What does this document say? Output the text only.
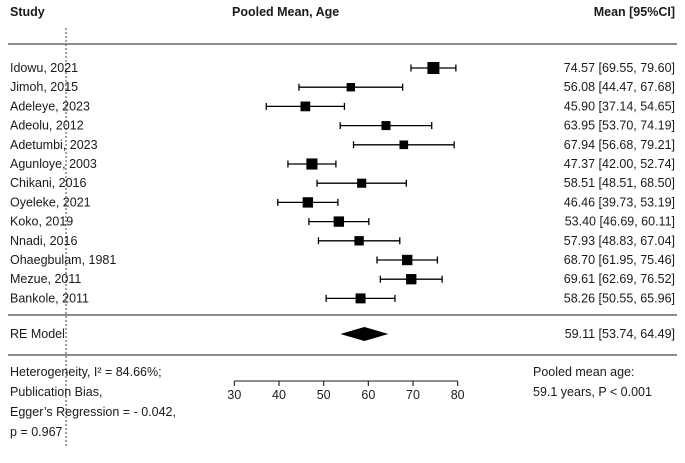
Study	Pooled Mean, Age	Mean [95%CI]
Idowu, 2021	74.57 [69.55, 79.60]
Jimoh, 2015	56.08 [44.47, 67.68]
Adeleye, 2023	45.90 [37.14, 54.65]
Adeolu, 2012	63.95 [53.70, 74.19]
Adetumbi, 2023	67.94 [56.68, 79.21]
Agunloye, 2003	47.37 [42.00, 52.74]
Chikani, 2016	58.51 [48.51, 68.50]
Oyeleke, 2021	46.46 [39.73, 53.19]
Koko, 2019	53.40 [46.69, 60.11]
Nnadi, 2016	57.93 [48.83, 67.04]
Ohaegbulam, 1981	68.70 [61.95, 75.46]
Mezue, 2011	69.61 [62.69, 76.52]
Bankole, 2011	58.26 [50.55, 65.96]
RE Model	59.11 [53.74, 64.49]
30 40 50 60 70 80
Heterogeneity, I² = 84.66%;
Publication Bias,
Egger’s Regression = - 0.042,
p = 0.967
Pooled mean age:
59.1 years, P < 0.001
